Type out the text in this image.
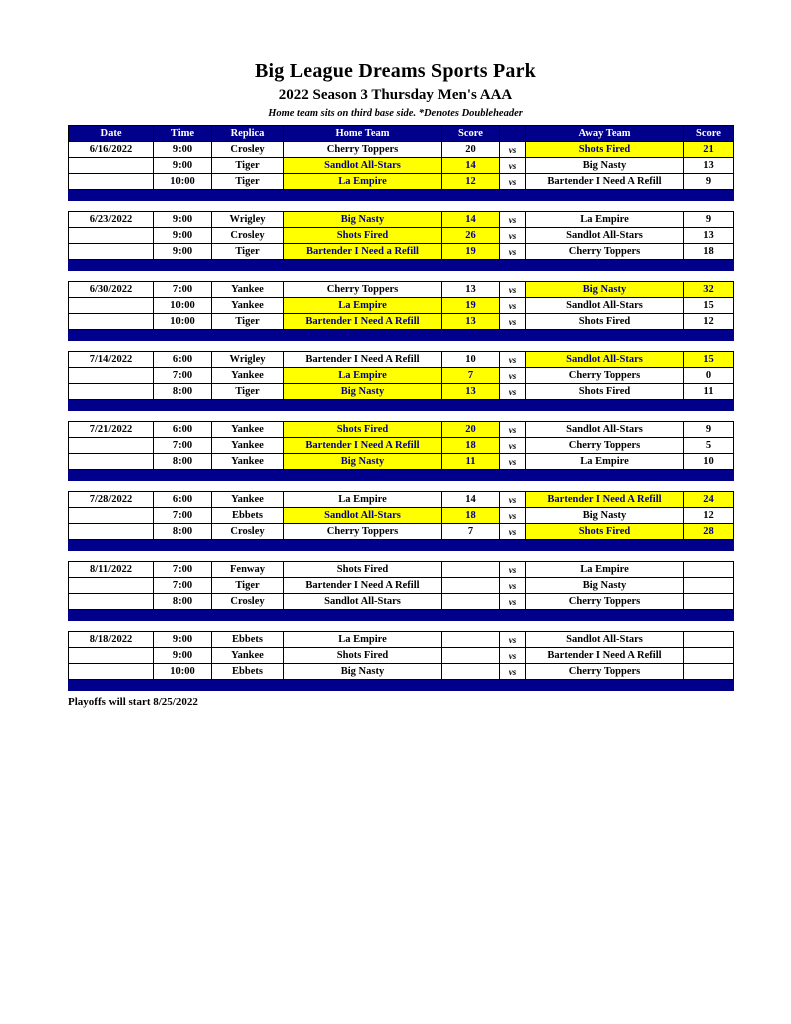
Big League Dreams Sports Park
2022 Season 3 Thursday Men's AAA
Home team sits on third base side. *Denotes Doubleheader
Date	Time	Replica	Home Team	Score		Away Team	Score
6/16/2022	9:00	Crosley	Cherry Toppers	20	vs	Shots Fired	21
	9:00	Tiger	Sandlot All-Stars	14	vs	Big Nasty	13
	10:00	Tiger	La Empire	12	vs	Bartender I Need A Refill	9

6/23/2022	9:00	Wrigley	Big Nasty	14	vs	La Empire	9
	9:00	Crosley	Shots Fired	26	vs	Sandlot All-Stars	13
	9:00	Tiger	Bartender I Need a Refill	19	vs	Cherry Toppers	18

6/30/2022	7:00	Yankee	Cherry Toppers	13	vs	Big Nasty	32
	10:00	Yankee	La Empire	19	vs	Sandlot All-Stars	15
	10:00	Tiger	Bartender I Need A Refill	13	vs	Shots Fired	12

7/14/2022	6:00	Wrigley	Bartender I Need A Refill	10	vs	Sandlot All-Stars	15
	7:00	Yankee	La Empire	7	vs	Cherry Toppers	0
	8:00	Tiger	Big Nasty	13	vs	Shots Fired	11

7/21/2022	6:00	Yankee	Shots Fired	20	vs	Sandlot All-Stars	9
	7:00	Yankee	Bartender I Need A Refill	18	vs	Cherry Toppers	5
	8:00	Yankee	Big Nasty	11	vs	La Empire	10

7/28/2022	6:00	Yankee	La Empire	14	vs	Bartender I Need A Refill	24
	7:00	Ebbets	Sandlot All-Stars	18	vs	Big Nasty	12
	8:00	Crosley	Cherry Toppers	7	vs	Shots Fired	28

8/11/2022	7:00	Fenway	Shots Fired		vs	La Empire	
	7:00	Tiger	Bartender I Need A Refill		vs	Big Nasty	
	8:00	Crosley	Sandlot All-Stars		vs	Cherry Toppers	

8/18/2022	9:00	Ebbets	La Empire		vs	Sandlot All-Stars	
	9:00	Yankee	Shots Fired		vs	Bartender I Need A Refill	
	10:00	Ebbets	Big Nasty		vs	Cherry Toppers	

Playoffs will start 8/25/2022
